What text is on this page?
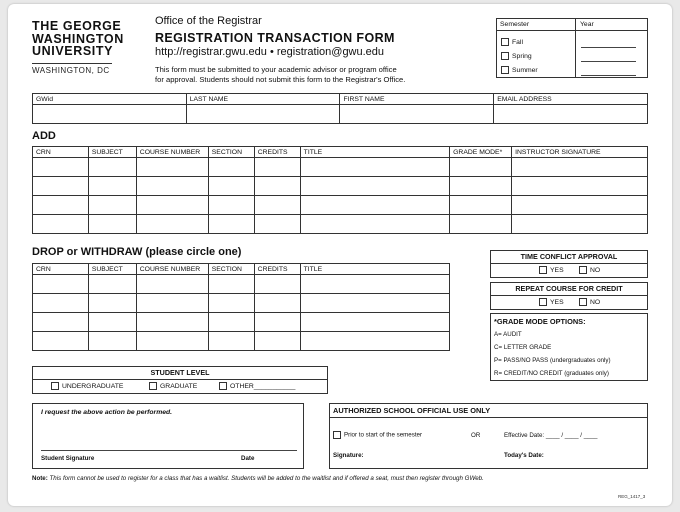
THE GEORGE
WASHINGTON
UNIVERSITY
WASHINGTON, DC
Office of the Registrar
REGISTRATION TRANSACTION FORM
http://registrar.gwu.edu • registration@gwu.edu
This form must be submitted to your academic advisor or program office
for approval. Students should not submit this form to the Registrar's Office.
Semester	Year
Fall
Spring
Summer
GWid	LAST NAME	FIRST NAME	EMAIL ADDRESS

ADD
CRN	SUBJECT	COURSE NUMBER	SECTION	CREDITS	TITLE	GRADE MODE*	INSTRUCTOR SIGNATURE

DROP or WITHDRAW (please circle one)
CRN	SUBJECT	COURSE NUMBER	SECTION	CREDITS	TITLE

TIME CONFLICT APPROVAL
YES	NO
REPEAT COURSE FOR CREDIT
YES	NO
*GRADE MODE OPTIONS:
A= AUDIT
C= LETTER GRADE
P= PASS/NO PASS (undergraduates only)
R= CREDIT/NO CREDIT (graduates only)
STUDENT LEVEL
UNDERGRADUATE	GRADUATE	OTHER___________
I request the above action be performed.
Student Signature	Date
AUTHORIZED SCHOOL OFFICIAL USE ONLY
Prior to start of the semester	OR	Effective Date: ____ / ____ / ____
Signature:	Today's Date:
Note: This form cannot be used to register for a class that has a waitlist. Students will be added to the waitlist and if offered a seat, must then register through GWeb.
REG_1417_3
